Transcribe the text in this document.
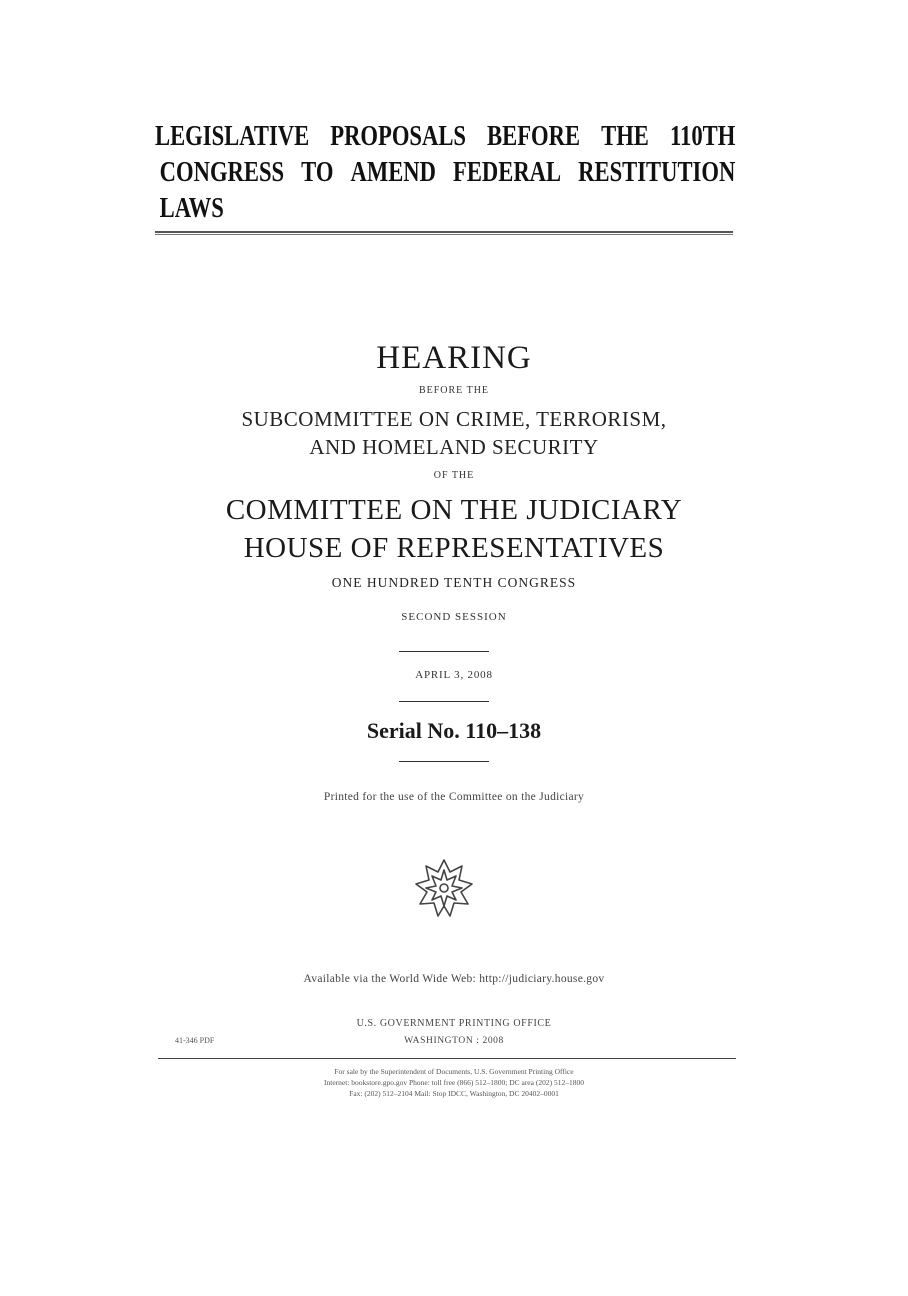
LEGISLATIVE PROPOSALS BEFORE THE 110TH
CONGRESS TO AMEND FEDERAL RESTITUTION
LAWS
HEARING
BEFORE THE
SUBCOMMITTEE ON CRIME, TERRORISM,
AND HOMELAND SECURITY
OF THE
COMMITTEE ON THE JUDICIARY
HOUSE OF REPRESENTATIVES
ONE HUNDRED TENTH CONGRESS
SECOND SESSION
APRIL 3, 2008
Serial No. 110–138
Printed for the use of the Committee on the Judiciary
Available via the World Wide Web: http://judiciary.house.gov
U.S. GOVERNMENT PRINTING OFFICE
41-346 PDF	WASHINGTON : 2008
For sale by the Superintendent of Documents, U.S. Government Printing Office
Internet: bookstore.gpo.gov Phone: toll free (866) 512–1800; DC area (202) 512–1800
Fax: (202) 512–2104 Mail: Stop IDCC, Washington, DC 20402–0001
